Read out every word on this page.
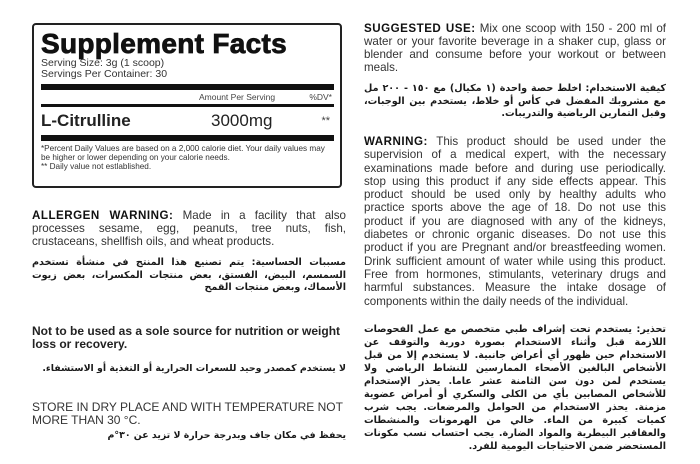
Supplement Facts
Serving Size: 3g (1 scoop)
Servings Per Container: 30
Amount Per Serving	%DV*
L-Citrulline	3000mg	**
*Percent Daily Values are based on a 2,000 calorie diet. Your daily values may be higher or lower depending on your calorie needs.
** Daily value not estlablished.

ALLERGEN WARNING: Made in a facility that also processes sesame, egg, peanuts, tree nuts, fish, crustaceans, shellfish oils, and wheat products.

مسببات الحساسية: يتم تصنيع هذا المنتج في منشأة تستخدم السمسم، البيض، الفستق، بعض منتجات المكسرات، بعض زيوت الأسماك، وبعض منتجات القمح

Not to be used as a sole source for nutrition or weight loss or recovery.

لا يستخدم كمصدر وحيد للسعرات الحرارية أو التغذية أو الاستشفاء.

STORE IN DRY PLACE AND WITH TEMPERATURE NOT MORE THAN 30 °C.

يحفظ في مكان جاف وبدرجة حرارة لا تزيد عن ٣٠°م

SUGGESTED USE: Mix one scoop with 150 - 200 ml of water or your favorite beverage in a shaker cup, glass or blender and consume before your workout or between meals.

كيفية الاستخدام: اخلط حصة واحدة (١ مكيال) مع ١٥٠ - ٢٠٠ مل مع مشروبك المفضل في كأس أو خلاط، يستخدم بين الوجبات، وقبل التمارين الرياضية والتدريبات.

WARNING: This product should be used under the supervision of a medical expert, with the necessary examinations made before and during use periodically. stop using this product if any side effects appear. This product should be used only by healthy adults who practice sports above the age of 18. Do not use this product if you are diagnosed with any of the kidneys, diabetes or chronic organic diseases. Do not use this product if you are Pregnant and/or breastfeeding women. Drink sufficient amount of water while using this product. Free from hormones, stimulants, veterinary drugs and harmful substances. Measure the intake dosage of components within the daily needs of the individual.

تحذير: يستخدم تحت إشراف طبي متخصص مع عمل الفحوصات اللازمة قبل وأثناء الاستخدام بصورة دورية والتوقف عن الاستخدام حين ظهور أي أعراض جانبية. لا يستخدم إلا من قبل الأشخاص البالغين الأصحاء الممارسين للنشاط الرياضي ولا يستخدم لمن دون سن الثامنة عشر عاما. يحذر الإستخدام للأشخاص المصابين بأي من الكلى والسكري أو أمراض عضوية مزمنة. يحذر الاستخدام من الحوامل والمرضعات. يجب شرب كميات كبيرة من الماء. خالي من الهرمونات والمنشطات والعقاقير البيطرية والمواد الضارة. يجب احتساب نسب مكونات المستحضر ضمن الاحتياجات اليومية للفرد.
